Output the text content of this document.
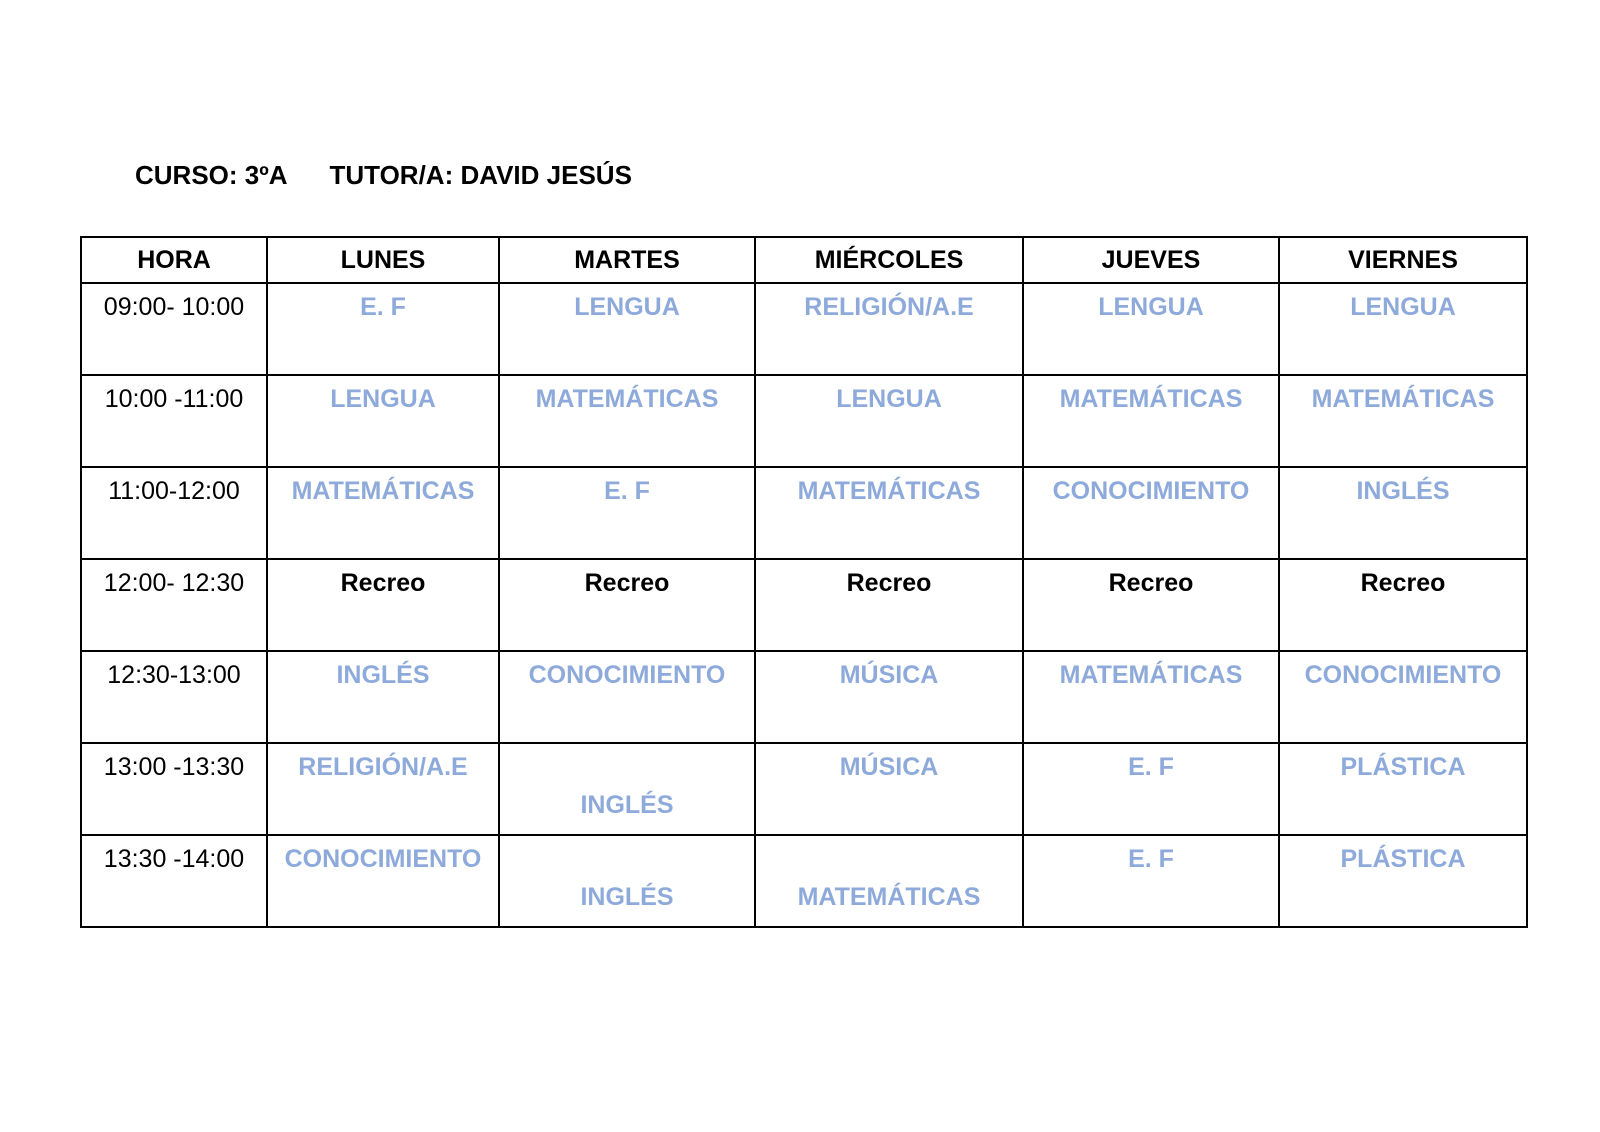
CURSO: 3ºA TUTOR/A: DAVID JESÚS
HORA	LUNES	MARTES	MIÉRCOLES	JUEVES	VIERNES

09:00- 10:00	E. F	LENGUA	RELIGIÓN/A.E	LENGUA	LENGUA

10:00 -11:00	LENGUA	MATEMÁTICAS	LENGUA	MATEMÁTICAS	MATEMÁTICAS

11:00-12:00	MATEMÁTICAS	E. F	MATEMÁTICAS	CONOCIMIENTO	INGLÉS

12:00- 12:30	Recreo	Recreo	Recreo	Recreo	Recreo

12:30-13:00	INGLÉS	CONOCIMIENTO	MÚSICA	MATEMÁTICAS	CONOCIMIENTO

13:00 -13:30	RELIGIÓN/A.E	INGLÉS	MÚSICA	E. F	PLÁSTICA

13:30 -14:00	CONOCIMIENTO	INGLÉS	MATEMÁTICAS	E. F	PLÁSTICA
